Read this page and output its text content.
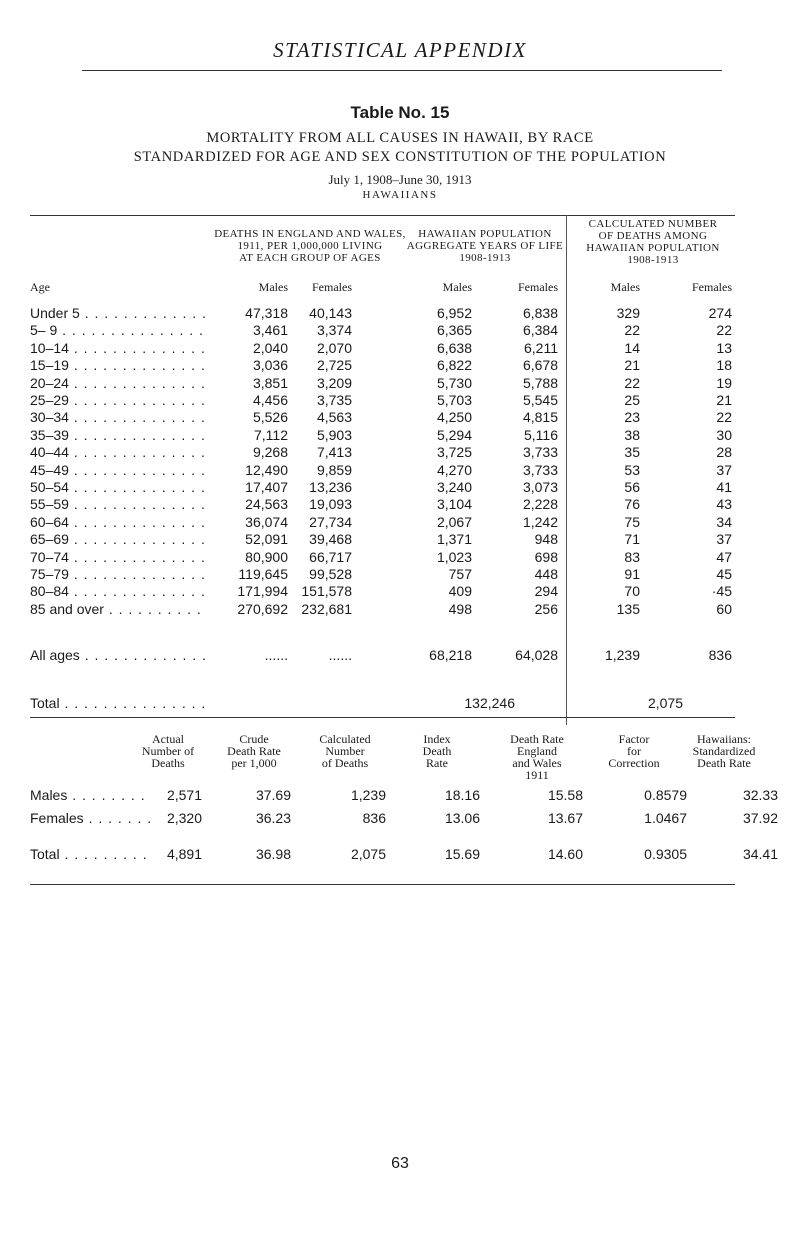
STATISTICAL APPENDIX
Table No. 15
MORTALITY FROM ALL CAUSES IN HAWAII, BY RACE
STANDARDIZED FOR AGE AND SEX CONSTITUTION OF THE POPULATION
July 1, 1908–June 30, 1913
HAWAIIANS
DEATHS IN ENGLAND AND WALES,
1911, PER 1,000,000 LIVING
AT EACH GROUP OF AGES
HAWAIIAN POPULATION
AGGREGATE YEARS OF LIFE
1908-1913
CALCULATED NUMBER
OF DEATHS AMONG
HAWAIIAN POPULATION
1908-1913
Age	Males	Females	Males	Females	Males	Females
Under 5 . . .	47,318	40,143	6,952	6,838	329	274
5– 9 . . .	3,461	3,374	6,365	6,384	22	22
10–14 . . .	2,040	2,070	6,638	6,211	14	13
15–19 . . .	3,036	2,725	6,822	6,678	21	18
20–24 . . .	3,851	3,209	5,730	5,788	22	19
25–29 . . .	4,456	3,735	5,703	5,545	25	21
30–34 . . .	5,526	4,563	4,250	4,815	23	22
35–39 . . .	7,112	5,903	5,294	5,116	38	30
40–44 . . .	9,268	7,413	3,725	3,733	35	28
45–49 . . .	12,490	9,859	4,270	3,733	53	37
50–54 . . .	17,407	13,236	3,240	3,073	56	41
55–59 . . .	24,563	19,093	3,104	2,228	76	43
60–64 . . .	36,074	27,734	2,067	1,242	75	34
65–69 . . .	52,091	39,468	1,371	948	71	37
70–74 . . .	80,900	66,717	1,023	698	83	47
75–79 . . .	119,645	99,528	757	448	91	45
80–84 . . .	171,994 151,578	409	294	70	·45
85 and over . . .	270,692 232,681	498	256	135	60
All ages . . .	......	......	68,218	64,028	1,239	836
Total . . .	132,246	2,075
Actual
Number of
Deaths
Crude
Death Rate
per 1,000
Calculated
Number
of Deaths
Index
Death
Rate
Death Rate
England
and Wales
1911
Factor
for
Correction
Hawaiians:
Standardized
Death Rate
Males . . .	2,571	37.69	1,239	18.16	15.58	0.8579	32.33
Females . . .	2,320	36.23	836	13.06	13.67	1.0467	37.92
Total . . .	4,891	36.98	2,075	15.69	14.60	0.9305	34.41
63
